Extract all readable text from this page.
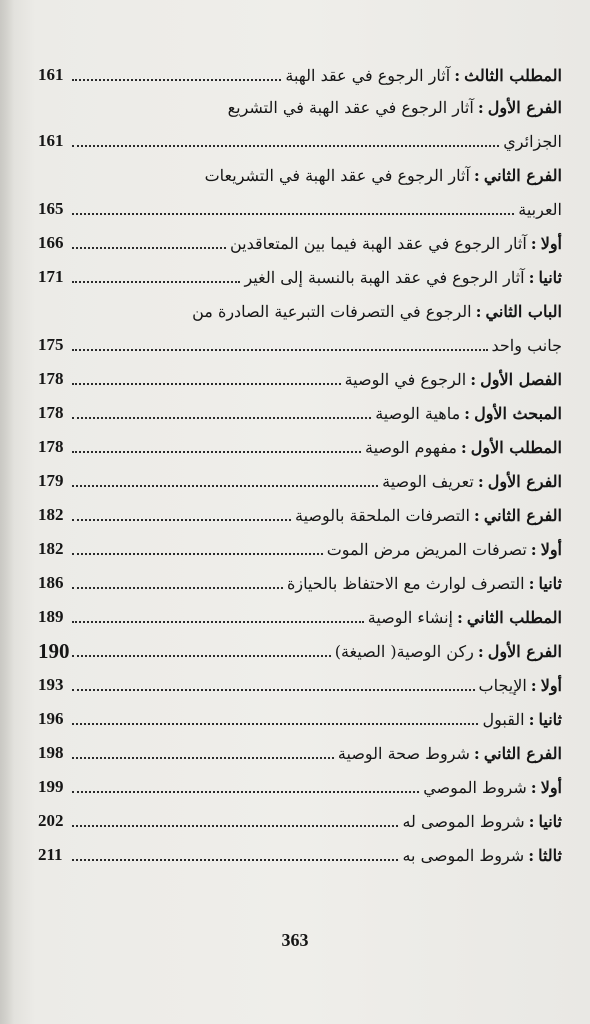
المطلب الثالث
:
آثار الرجوع في عقد الهبة
161
الفرع الأول
:
آثار الرجوع في عقد الهبة في التشريع
الجزائري
161
الفرع الثاني
:
آثار الرجوع في عقد الهبة في التشريعات
العربية
165
أولا
:
آثار الرجوع في عقد الهبة فيما بين المتعاقدين
166
ثانيا
:
آثار الرجوع في عقد الهبة بالنسبة إلى الغير
171
الباب الثاني
:
الرجوع في التصرفات التبرعية الصادرة من
جانب واحد
175
الفصل الأول
:
الرجوع في الوصية
178
المبحث الأول
:
ماهية الوصية
178
المطلب الأول
:
مفهوم الوصية
178
الفرع الأول
:
تعريف الوصية
179
الفرع الثاني
:
التصرفات الملحقة بالوصية
182
أولا
:
تصرفات المريض مرض الموت
182
ثانيا
:
التصرف لوارث مع الاحتفاظ بالحيازة
186
المطلب الثاني
:
إنشاء الوصية
189
الفرع الأول
:
ركن الوصية( الصيغة)
190
أولا
:
الإيجاب
193
ثانيا
:
القبول
196
الفرع الثاني
:
شروط صحة الوصية
198
أولا
:
شروط الموصي
199
ثانيا
:
شروط الموصى له
202
ثالثا
:
شروط الموصى به
211
363
